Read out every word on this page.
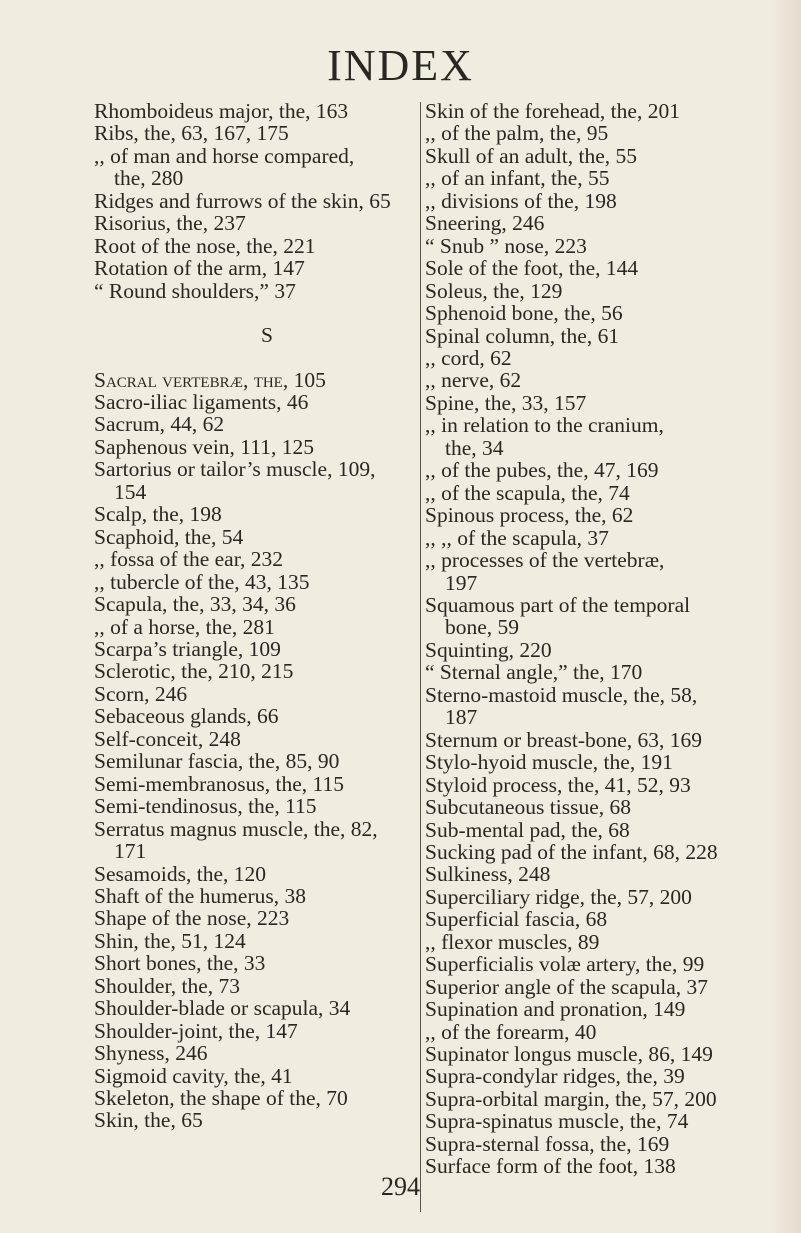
INDEX
Rhomboideus major, the, 163
Ribs, the, 63, 167, 175
,, of man and horse compared,
the, 280
Ridges and furrows of the skin, 65
Risorius, the, 237
Root of the nose, the, 221
Rotation of the arm, 147
“ Round shoulders,” 37
S
Sacral vertebræ, the, 105
Sacro-iliac ligaments, 46
Sacrum, 44, 62
Saphenous vein, 111, 125
Sartorius or tailor’s muscle, 109,
154
Scalp, the, 198
Scaphoid, the, 54
,, fossa of the ear, 232
,, tubercle of the, 43, 135
Scapula, the, 33, 34, 36
,, of a horse, the, 281
Scarpa’s triangle, 109
Sclerotic, the, 210, 215
Scorn, 246
Sebaceous glands, 66
Self-conceit, 248
Semilunar fascia, the, 85, 90
Semi-membranosus, the, 115
Semi-tendinosus, the, 115
Serratus magnus muscle, the, 82,
171
Sesamoids, the, 120
Shaft of the humerus, 38
Shape of the nose, 223
Shin, the, 51, 124
Short bones, the, 33
Shoulder, the, 73
Shoulder-blade or scapula, 34
Shoulder-joint, the, 147
Shyness, 246
Sigmoid cavity, the, 41
Skeleton, the shape of the, 70
Skin, the, 65
Skin of the forehead, the, 201
,, of the palm, the, 95
Skull of an adult, the, 55
,, of an infant, the, 55
,, divisions of the, 198
Sneering, 246
“ Snub ” nose, 223
Sole of the foot, the, 144
Soleus, the, 129
Sphenoid bone, the, 56
Spinal column, the, 61
,, cord, 62
,, nerve, 62
Spine, the, 33, 157
,, in relation to the cranium,
the, 34
,, of the pubes, the, 47, 169
,, of the scapula, the, 74
Spinous process, the, 62
,, ,, of the scapula, 37
,, processes of the vertebræ,
197
Squamous part of the temporal
bone, 59
Squinting, 220
“ Sternal angle,” the, 170
Sterno-mastoid muscle, the, 58,
187
Sternum or breast-bone, 63, 169
Stylo-hyoid muscle, the, 191
Styloid process, the, 41, 52, 93
Subcutaneous tissue, 68
Sub-mental pad, the, 68
Sucking pad of the infant, 68, 228
Sulkiness, 248
Superciliary ridge, the, 57, 200
Superficial fascia, 68
,, flexor muscles, 89
Superficialis volæ artery, the, 99
Superior angle of the scapula, 37
Supination and pronation, 149
,, of the forearm, 40
Supinator longus muscle, 86, 149
Supra-condylar ridges, the, 39
Supra-orbital margin, the, 57, 200
Supra-spinatus muscle, the, 74
Supra-sternal fossa, the, 169
Surface form of the foot, 138
294
